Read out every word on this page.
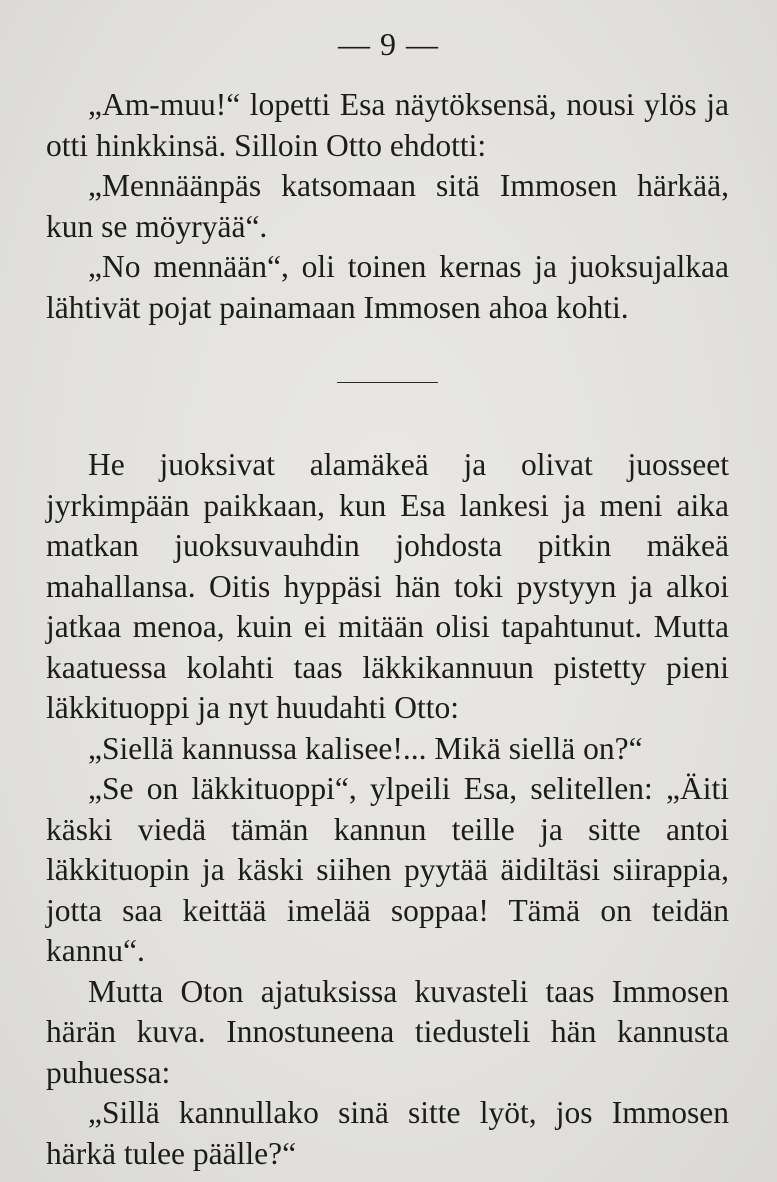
— 9 —

„Am-muu!“ lopetti Esa näytöksensä, nousi ylös ja otti hinkkinsä. Silloin Otto ehdotti:

„Mennäänpäs katsomaan sitä Immosen härkää, kun se möyryää“.

„No mennään“, oli toinen kernas ja juoksujalkaa lähtivät pojat painamaan Immosen ahoa kohti.

He juoksivat alamäkeä ja olivat juosseet jyrkimpään paikkaan, kun Esa lankesi ja meni aika matkan juoksuvauhdin johdosta pitkin mäkeä mahallansa. Oitis hyppäsi hän toki pystyyn ja alkoi jatkaa menoa, kuin ei mitään olisi tapahtunut. Mutta kaatuessa kolahti taas läkkikannuun pistetty pieni läkkituoppi ja nyt huudahti Otto:

„Siellä kannussa kalisee!... Mikä siellä on?“

„Se on läkkituoppi“, ylpeili Esa, selitellen: „Äiti käski viedä tämän kannun teille ja sitte antoi läkkituopin ja käski siihen pyytää äidiltäsi siirappia, jotta saa keittää imelää soppaa! Tämä on teidän kannu“.

Mutta Oton ajatuksissa kuvasteli taas Immosen härän kuva. Innostuneena tiedusteli hän kannusta puhuessa:

„Sillä kannullako sinä sitte lyöt, jos Immosen härkä tulee päälle?“
